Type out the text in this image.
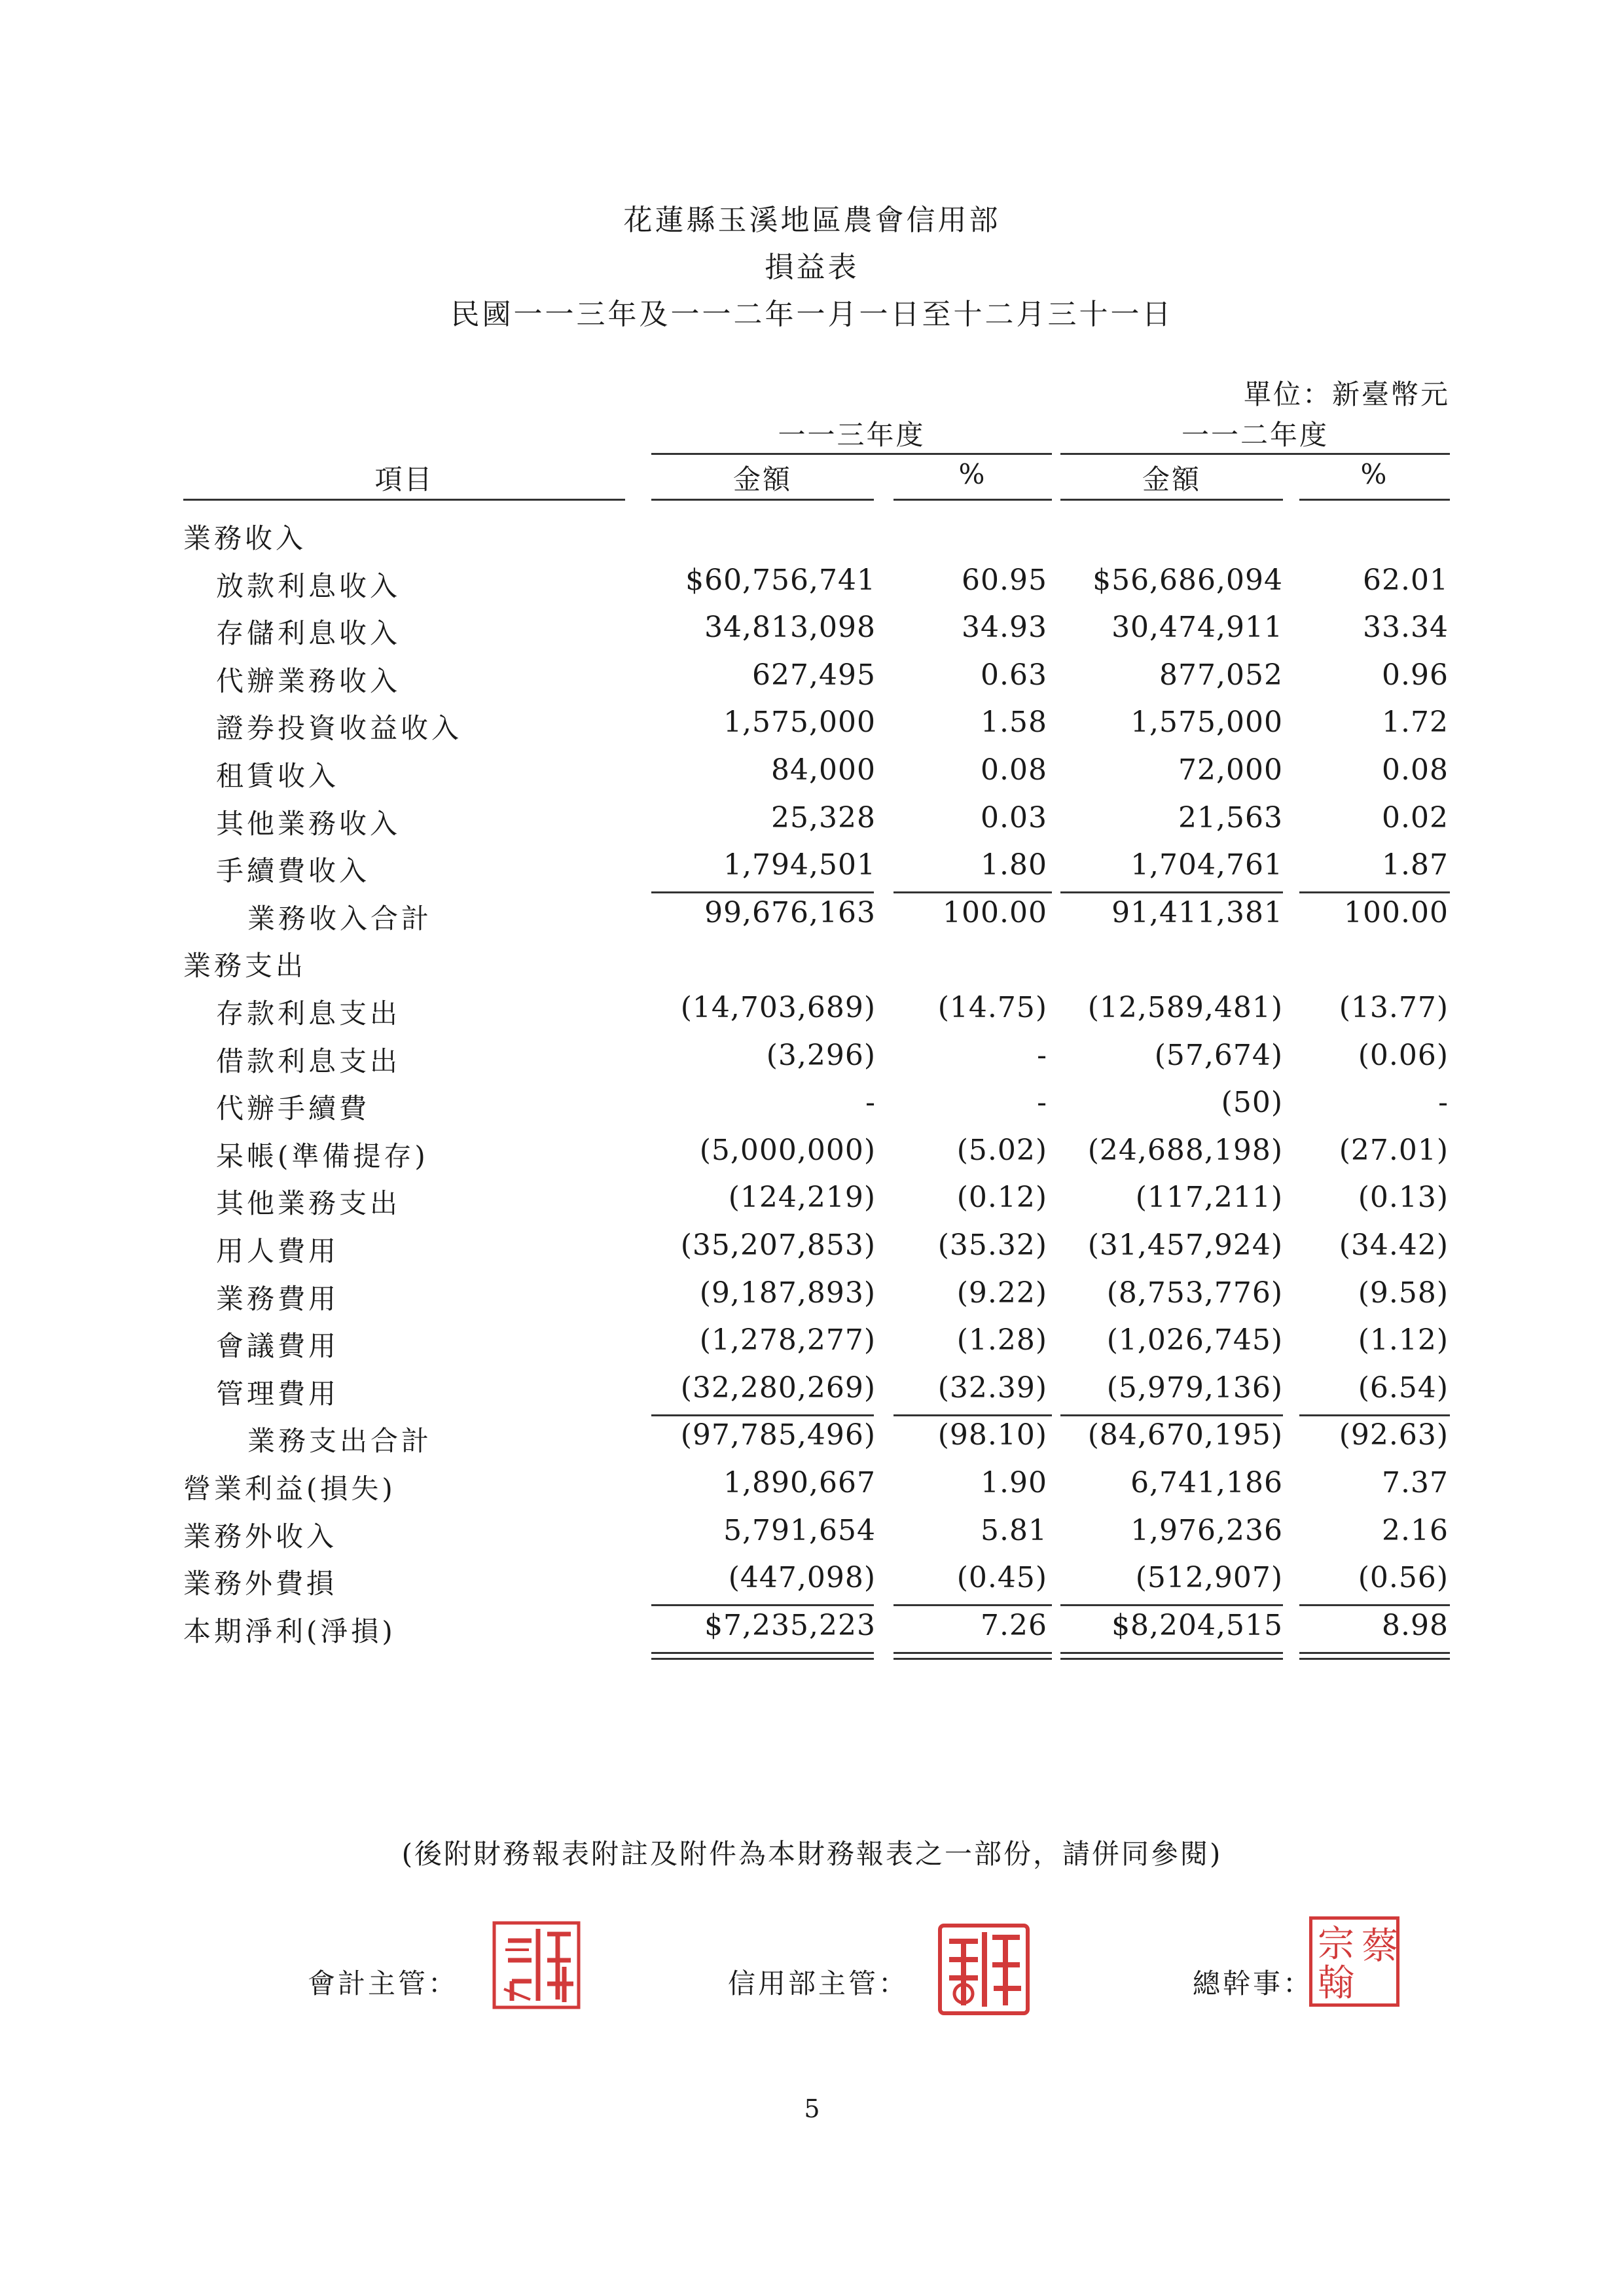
花蓮縣玉溪地區農會信用部
損益表
民國一一三年及一一二年一月一日至十二月三十一日
單位：新臺幣元
一一三年度	一一二年度
項目	金額	%	金額	%
業務收入
放款利息收入	$60,756,741	60.95 $56,686,094	62.01
存儲利息收入	34,813,098	34.93 30,474,911	33.34
代辦業務收入	627,495	0.63	877,052	0.96
證券投資收益收入	1,575,000	1.58	1,575,000	1.72
租賃收入	84,000	0.08	72,000	0.08
其他業務收入	25,328	0.03	21,563	0.02
手續費收入	1,794,501	1.80	1,704,761	1.87
業務收入合計	99,676,163 100.00 91,411,381 100.00
業務支出
存款利息支出	(14,703,689) (14.75) (12,589,481) (13.77)
借款利息支出	(3,296)	-	(57,674)	(0.06)
代辦手續費	-	-	(50)	-
呆帳(準備提存)	(5,000,000)	(5.02) (24,688,198) (27.01)
其他業務支出	(124,219)	(0.12)	(117,211)	(0.13)
用人費用	(35,207,853) (35.32) (31,457,924) (34.42)
業務費用	(9,187,893)	(9.22) (8,753,776)	(9.58)
會議費用	(1,278,277)	(1.28) (1,026,745)	(1.12)
管理費用	(32,280,269) (32.39) (5,979,136)	(6.54)
業務支出合計	(97,785,496) (98.10) (84,670,195) (92.63)
營業利益(損失)	1,890,667	1.90	6,741,186	7.37
業務外收入	5,791,654	5.81	1,976,236	2.16
業務外費損	(447,098)	(0.45)	(512,907)	(0.56)
本期淨利(淨損)	$7,235,223	7.26 $8,204,515	8.98
(後附財務報表附註及附件為本財務報表之一部份，請併同參閱)
會計主管：	信用部主管：	總幹事：
宗
翰
蔡
5
